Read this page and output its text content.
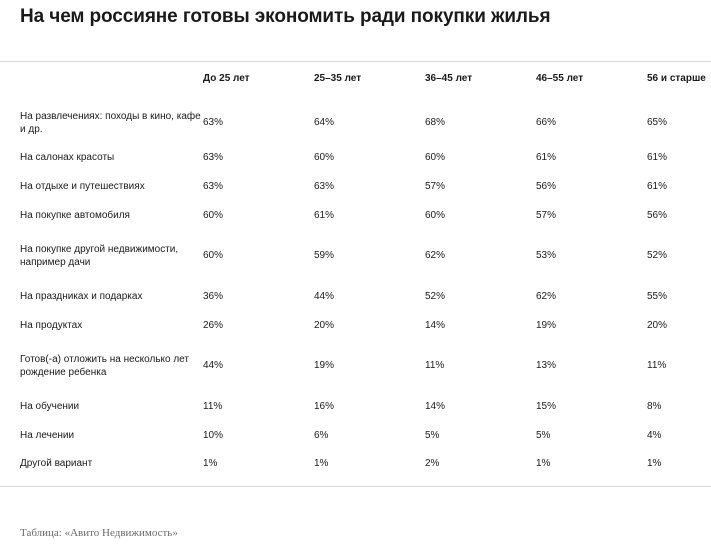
На чем россияне готовы экономить ради покупки жилья
	До 25 лет	25–35 лет	36–45 лет	46–55 лет	56 и старше
На развлечениях: походы в кино, кафе и др.	63%	64%	68%	66%	65%
На салонах красоты	63%	60%	60%	61%	61%
На отдыхе и путешествиях	63%	63%	57%	56%	61%
На покупке автомобиля	60%	61%	60%	57%	56%
На покупке другой недвижимости, например дачи	60%	59%	62%	53%	52%
На праздниках и подарках	36%	44%	52%	62%	55%
На продуктах	26%	20%	14%	19%	20%
Готов(-а) отложить на несколько лет рождение ребенка	44%	19%	11%	13%	11%
На обучении	11%	16%	14%	15%	8%
На лечении	10%	6%	5%	5%	4%
Другой вариант	1%	1%	2%	1%	1%
Таблица: «Авито Недвижимость»
